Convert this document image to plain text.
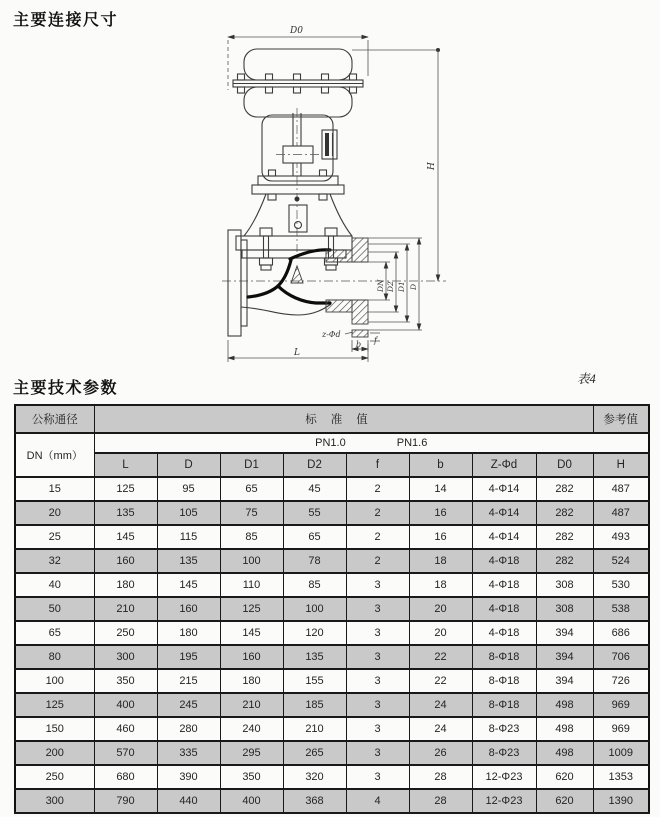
主要连接尺寸
D0
H
DN D2 D1 D
z-Φd
b f
L
主要技术参数
表4
公称通径	标准值								参考值
DN（mm）	PN1.0 PN1.6								
	L	D	D1	D2	f	b	Z-Φd	D0	H
15	125	95	65	45	2	14	4-Φ14	282	487
20	135	105	75	55	2	16	4-Φ14	282	487
25	145	115	85	65	2	16	4-Φ14	282	493
32	160	135	100	78	2	18	4-Φ18	282	524
40	180	145	110	85	3	18	4-Φ18	308	530
50	210	160	125	100	3	20	4-Φ18	308	538
65	250	180	145	120	3	20	4-Φ18	394	686
80	300	195	160	135	3	22	8-Φ18	394	706
100	350	215	180	155	3	22	8-Φ18	394	726
125	400	245	210	185	3	24	8-Φ18	498	969
150	460	280	240	210	3	24	8-Φ23	498	969
200	570	335	295	265	3	26	8-Φ23	498	1009
250	680	390	350	320	3	28	12-Φ23	620	1353
300	790	440	400	368	4	28	12-Φ23	620	1390
